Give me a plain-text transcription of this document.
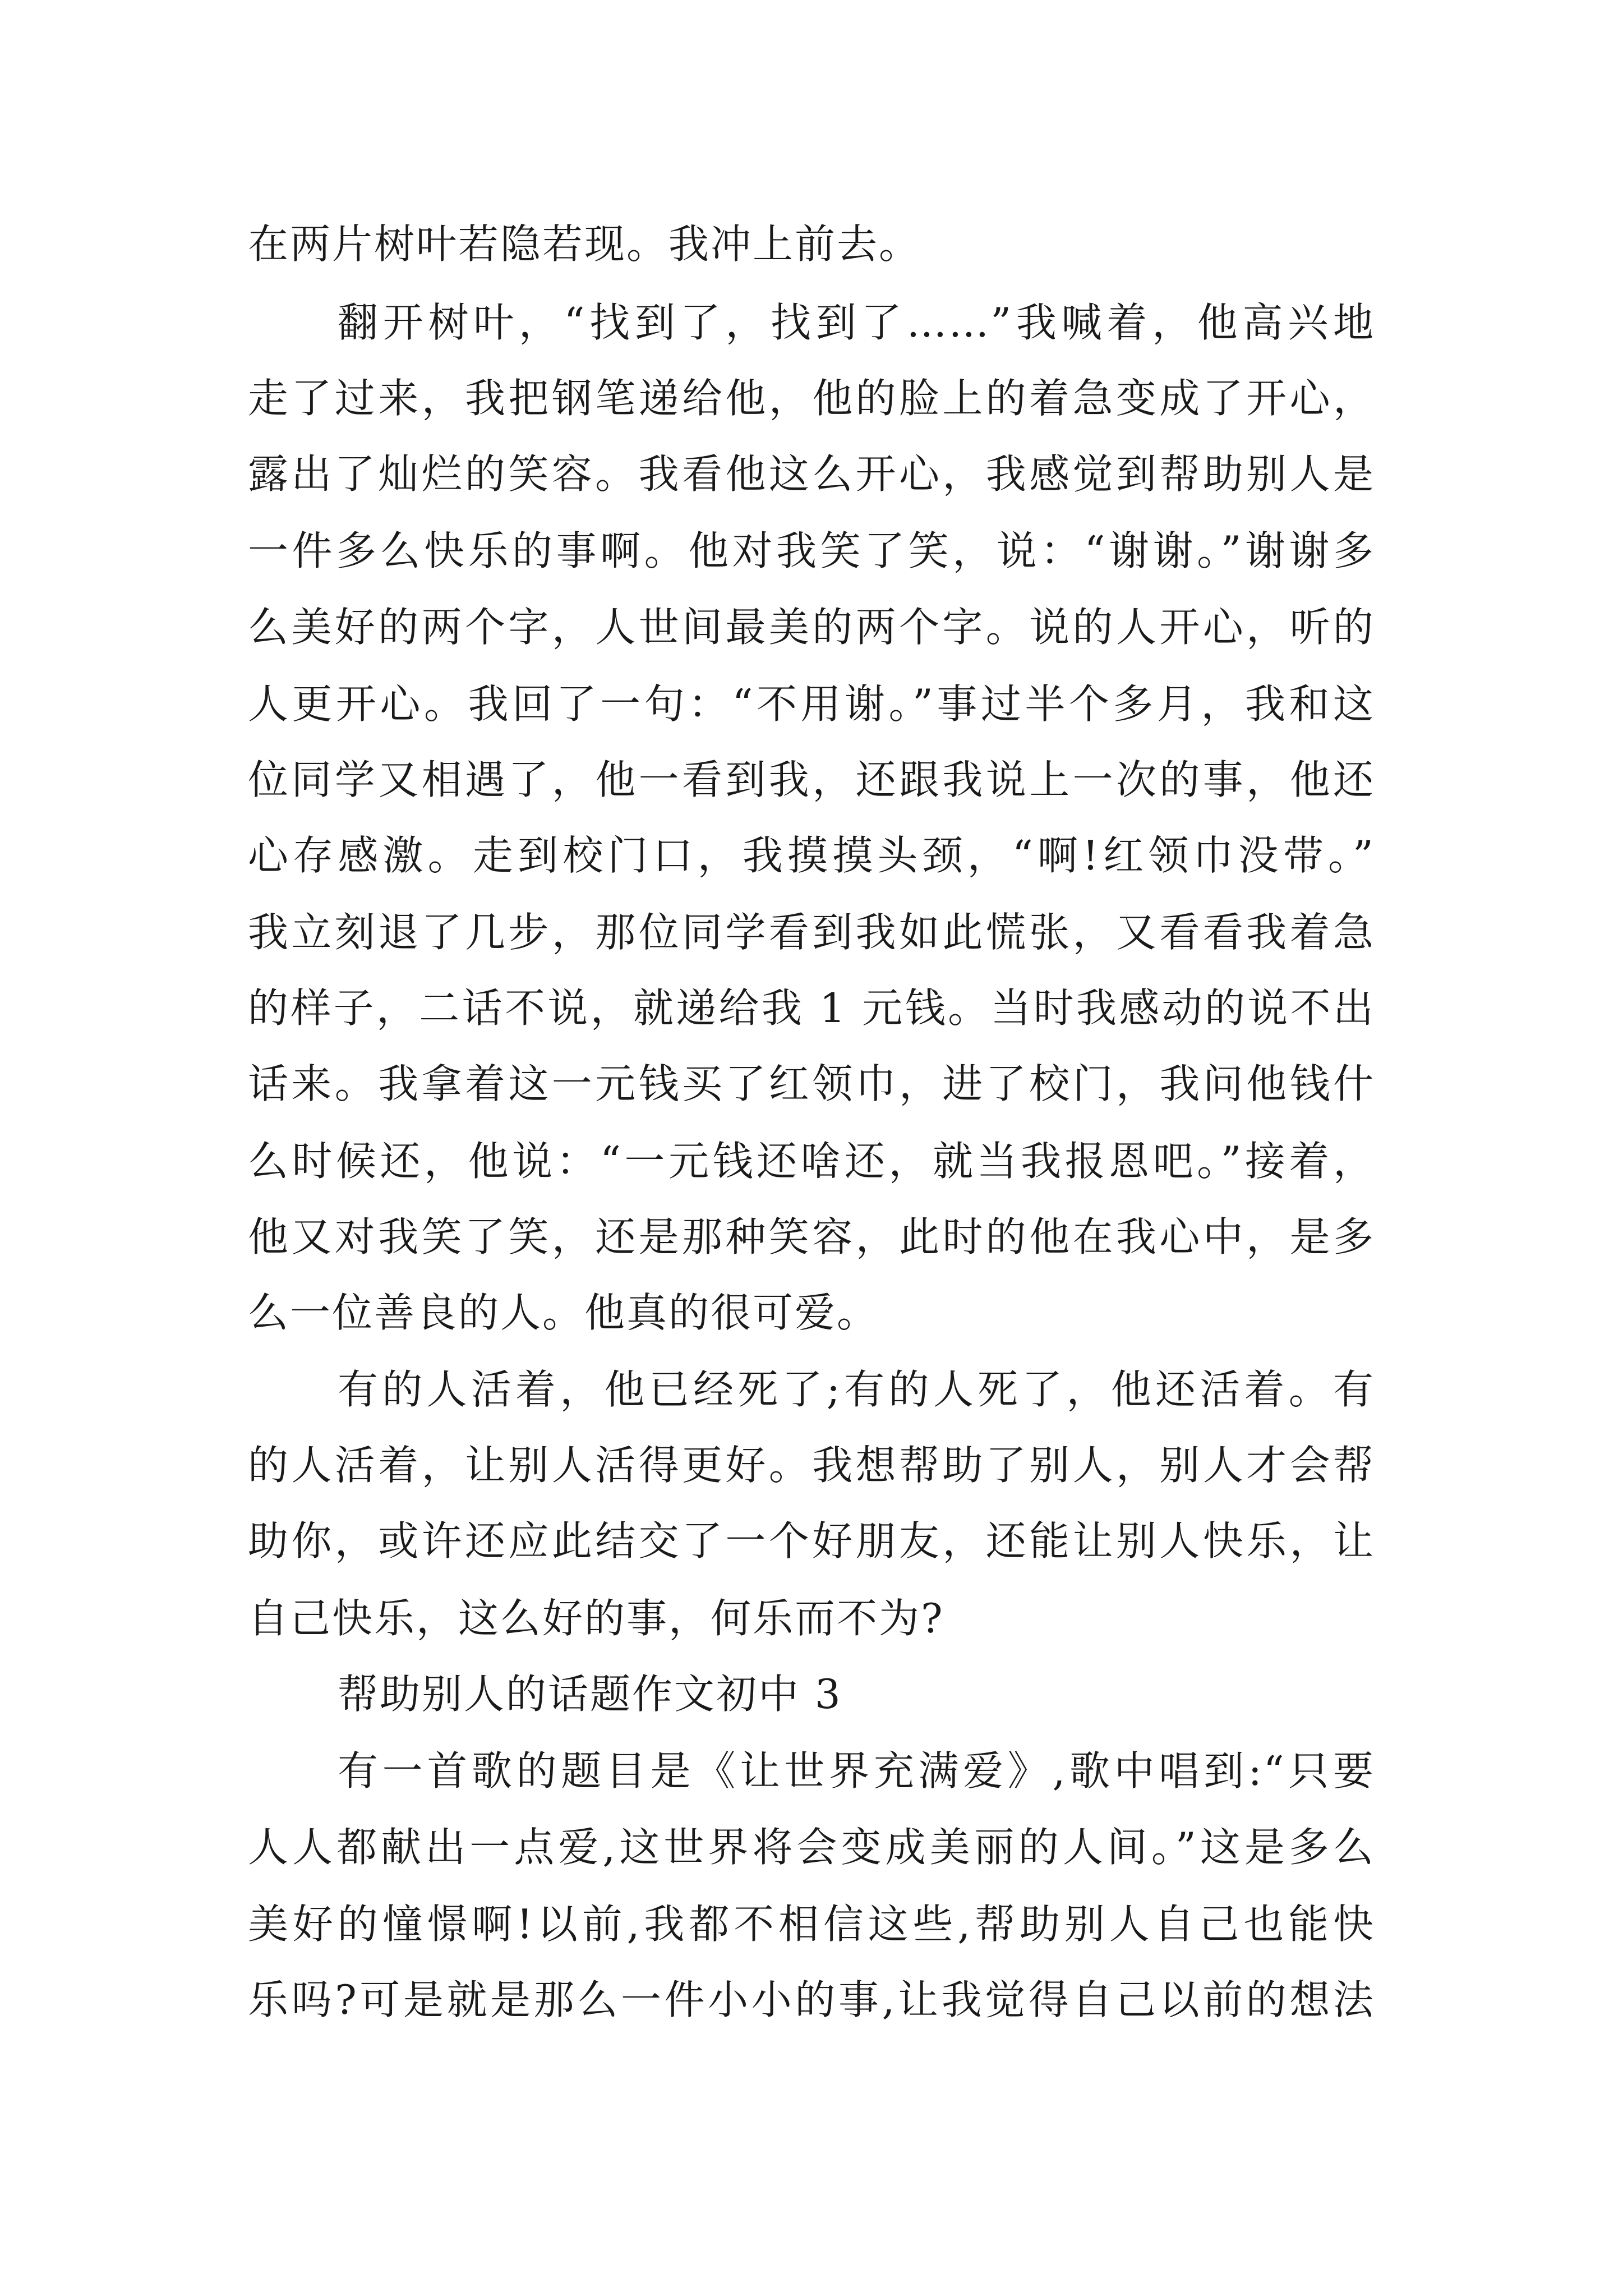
在两片树叶若隐若现。我冲上前去。

翻开树叶，“找到了，找到了……”我喊着，他高兴地

走了过来，我把钢笔递给他，他的脸上的着急变成了开心，

露出了灿烂的笑容。我看他这么开心，我感觉到帮助别人是

一件多么快乐的事啊。他对我笑了笑，说：“谢谢。”谢谢多

么美好的两个字，人世间最美的两个字。说的人开心，听的

人更开心。我回了一句：“不用谢。”事过半个多月，我和这

位同学又相遇了，他一看到我，还跟我说上一次的事，他还

心存感激。走到校门口，我摸摸头颈，“啊!红领巾没带。”

我立刻退了几步，那位同学看到我如此慌张，又看看我着急

的样子，二话不说，就递给我 1 元钱。当时我感动的说不出

话来。我拿着这一元钱买了红领巾，进了校门，我问他钱什

么时候还，他说：“一元钱还啥还，就当我报恩吧。”接着，

他又对我笑了笑，还是那种笑容，此时的他在我心中，是多

么一位善良的人。他真的很可爱。

有的人活着，他已经死了;有的人死了，他还活着。有

的人活着，让别人活得更好。我想帮助了别人，别人才会帮

助你，或许还应此结交了一个好朋友，还能让别人快乐，让

自己快乐，这么好的事，何乐而不为?

帮助别人的话题作文初中 3

有一首歌的题目是《让世界充满爱》,歌中唱到:“只要

人人都献出一点爱,这世界将会变成美丽的人间。”这是多么

美好的憧憬啊!以前,我都不相信这些,帮助别人自己也能快

乐吗?可是就是那么一件小小的事,让我觉得自己以前的想法
